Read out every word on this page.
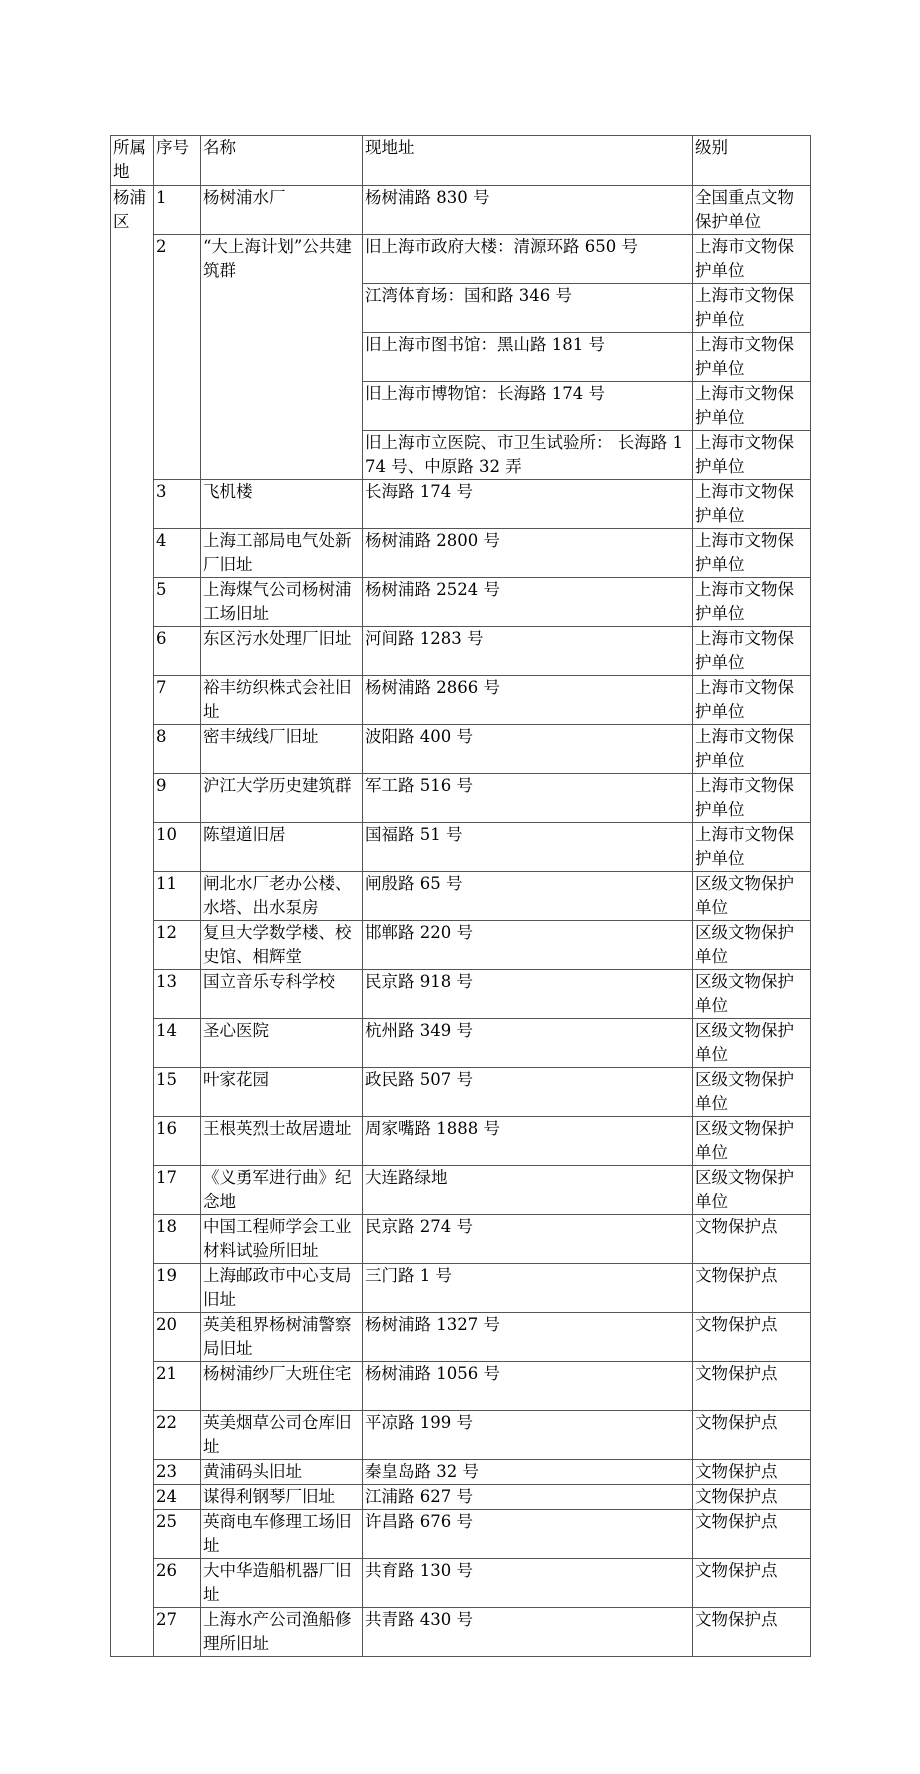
所属地	序号	名称	现地址	级别
杨浦区	1	杨树浦水厂	杨树浦路 830 号	全国重点文物保护单位
	2	“大上海计划”公共建筑群	旧上海市政府大楼：清源环路 650 号	上海市文物保护单位
			江湾体育场：国和路 346 号	上海市文物保护单位
			旧上海市图书馆：黑山路 181 号	上海市文物保护单位
			旧上海市博物馆：长海路 174 号	上海市文物保护单位
			旧上海市立医院、市卫生试验所： 长海路 174 号、中原路 32 弄	上海市文物保护单位
	3	飞机楼	长海路 174 号	上海市文物保护单位
	4	上海工部局电气处新厂旧址	杨树浦路 2800 号	上海市文物保护单位
	5	上海煤气公司杨树浦工场旧址	杨树浦路 2524 号	上海市文物保护单位
	6	东区污水处理厂旧址	河间路 1283 号	上海市文物保护单位
	7	裕丰纺织株式会社旧址	杨树浦路 2866 号	上海市文物保护单位
	8	密丰绒线厂旧址	波阳路 400 号	上海市文物保护单位
	9	沪江大学历史建筑群	军工路 516 号	上海市文物保护单位
	10	陈望道旧居	国福路 51 号	上海市文物保护单位
	11	闸北水厂老办公楼、水塔、出水泵房	闸殷路 65 号	区级文物保护单位
	12	复旦大学数学楼、校史馆、相辉堂	邯郸路 220 号	区级文物保护单位
	13	国立音乐专科学校	民京路 918 号	区级文物保护单位
	14	圣心医院	杭州路 349 号	区级文物保护单位
	15	叶家花园	政民路 507 号	区级文物保护单位
	16	王根英烈士故居遗址	周家嘴路 1888 号	区级文物保护单位
	17	《义勇军进行曲》纪念地	大连路绿地	区级文物保护单位
	18	中国工程师学会工业材料试验所旧址	民京路 274 号	文物保护点
	19	上海邮政市中心支局旧址	三门路 1 号	文物保护点
	20	英美租界杨树浦警察局旧址	杨树浦路 1327 号	文物保护点
	21	杨树浦纱厂大班住宅	杨树浦路 1056 号	文物保护点
	22	英美烟草公司仓库旧址	平凉路 199 号	文物保护点
	23	黄浦码头旧址	秦皇岛路 32 号	文物保护点
	24	谋得利钢琴厂旧址	江浦路 627 号	文物保护点
	25	英商电车修理工场旧址	许昌路 676 号	文物保护点
	26	大中华造船机器厂旧址	共育路 130 号	文物保护点
	27	上海水产公司渔船修理所旧址	共青路 430 号	文物保护点
